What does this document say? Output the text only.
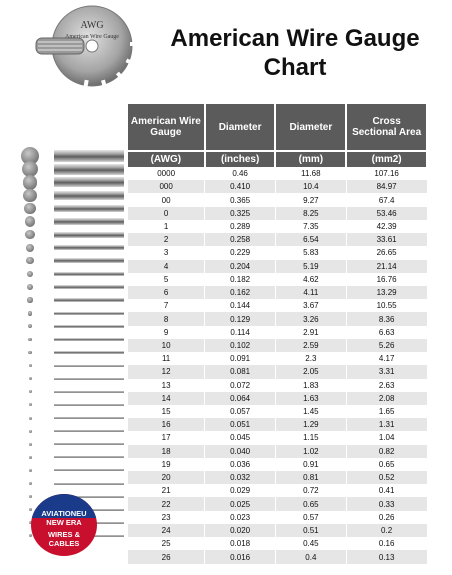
AWG
American Wire Gauge	American Wire Gauge
Chart
American Wire Gauge	Diameter	Diameter	Cross Sectional Area
(AWG)	(inches)	(mm)	(mm2)
0000	0.46	11.68	107.16
000	0.410	10.4	84.97
00	0.365	9.27	67.4
0	0.325	8.25	53.46
1	0.289	7.35	42.39
2	0.258	6.54	33.61
3	0.229	5.83	26.65
4	0.204	5.19	21.14
5	0.182	4.62	16.76
6	0.162	4.11	13.29
7	0.144	3.67	10.55
8	0.129	3.26	8.36
9	0.114	2.91	6.63
10	0.102	2.59	5.26
11	0.091	2.3	4.17
12	0.081	2.05	3.31
13	0.072	1.83	2.63
14	0.064	1.63	2.08
15	0.057	1.45	1.65
16	0.051	1.29	1.31
17	0.045	1.15	1.04
18	0.040	1.02	0.82
19	0.036	0.91	0.65
20	0.032	0.81	0.52
21	0.029	0.72	0.41
22	0.025	0.65	0.33
23	0.023	0.57	0.26
24	0.020	0.51	0.2
25	0.018	0.45	0.16
26	0.016	0.4	0.13
AVIATIONEU
NEW ERA
WIRES &
CABLES
